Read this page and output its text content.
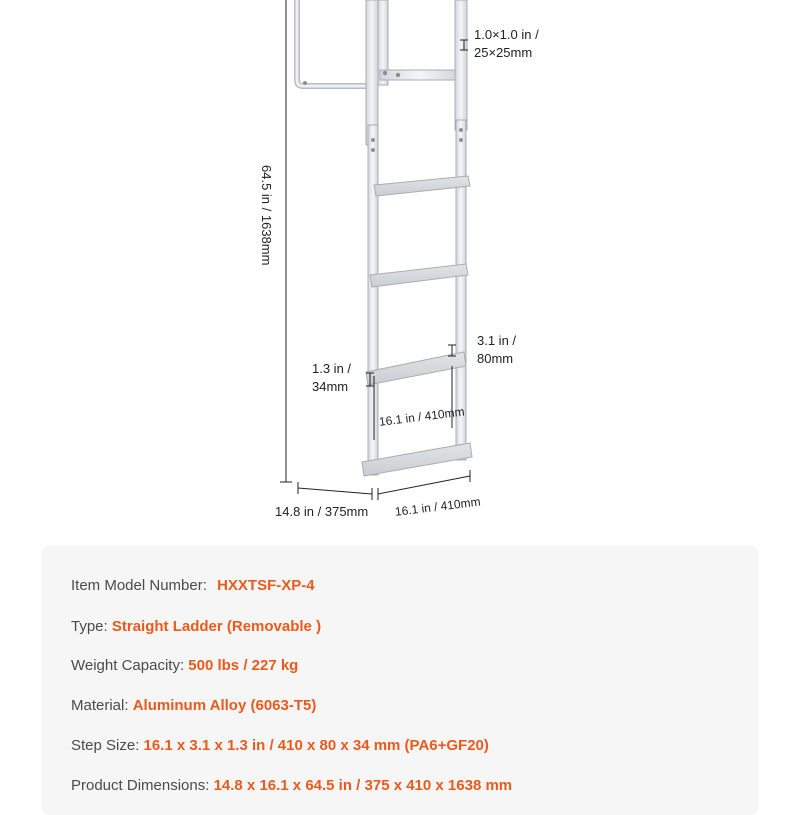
1.0×1.0 in /
25×25mm
64.5 in / 1638mm
3.1 in /
80mm
1.3 in /
34mm
16.1 in / 410mm
14.8 in / 375mm 16.1 in / 410mm
Item Model Number: HXXTSF-XP-4
Type: Straight Ladder (Removable )
Weight Capacity: 500 lbs / 227 kg
Material: Aluminum Alloy (6063-T5)
Step Size: 16.1 x 3.1 x 1.3 in / 410 x 80 x 34 mm (PA6+GF20)
Product Dimensions: 14.8 x 16.1 x 64.5 in / 375 x 410 x 1638 mm
